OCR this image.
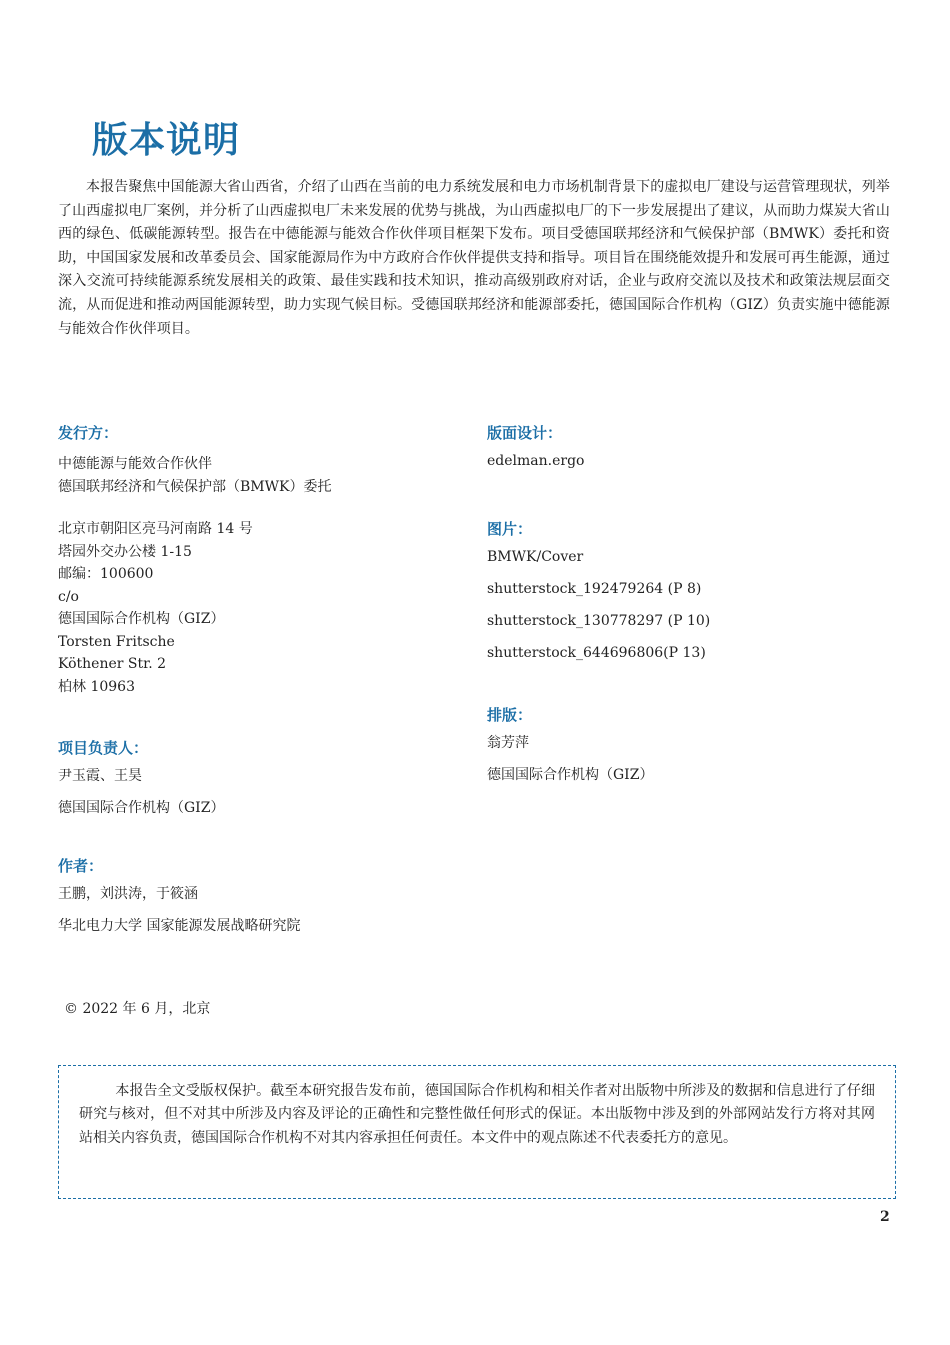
版本说明

本报告聚焦中国能源大省山西省，介绍了山西在当前的电力系统发展和电力市场机制背景下的虚拟电厂建设与运营管理现状，列举了山西虚拟电厂案例，并分析了山西虚拟电厂未来发展的优势与挑战，为山西虚拟电厂的下一步发展提出了建议，从而助力煤炭大省山西的绿色、低碳能源转型。报告在中德能源与能效合作伙伴项目框架下发布。项目受德国联邦经济和气候保护部（BMWK）委托和资助，中国国家发展和改革委员会、国家能源局作为中方政府合作伙伴提供支持和指导。项目旨在围绕能效提升和发展可再生能源，通过深入交流可持续能源系统发展相关的政策、最佳实践和技术知识，推动高级别政府对话，企业与政府交流以及技术和政策法规层面交流，从而促进和推动两国能源转型，助力实现气候目标。受德国联邦经济和能源部委托，德国国际合作机构（GIZ）负责实施中德能源与能效合作伙伴项目。

发行方：
中德能源与能效合作伙伴
德国联邦经济和气候保护部（BMWK）委托
北京市朝阳区亮马河南路 14 号
塔园外交办公楼 1-15
邮编：100600
c/o
德国国际合作机构（GIZ）
Torsten Fritsche
Köthener Str. 2
柏林 10963
项目负责人：
尹玉霞、王昊
德国国际合作机构（GIZ）
作者：
王鹏，刘洪涛，于筱涵
华北电力大学 国家能源发展战略研究院
版面设计：
edelman.ergo
图片：
BMWK/Cover
shutterstock_192479264 (P 8)
shutterstock_130778297 (P 10)
shutterstock_644696806(P 13)
排版：
翁芳萍
德国国际合作机构（GIZ）
© 2022 年 6 月，北京

本报告全文受版权保护。截至本研究报告发布前，德国国际合作机构和相关作者对出版物中所涉及的数据和信息进行了仔细研究与核对，但不对其中所涉及内容及评论的正确性和完整性做任何形式的保证。本出版物中涉及到的外部网站发行方将对其网站相关内容负责，德国国际合作机构不对其内容承担任何责任。本文件中的观点陈述不代表委托方的意见。

2
